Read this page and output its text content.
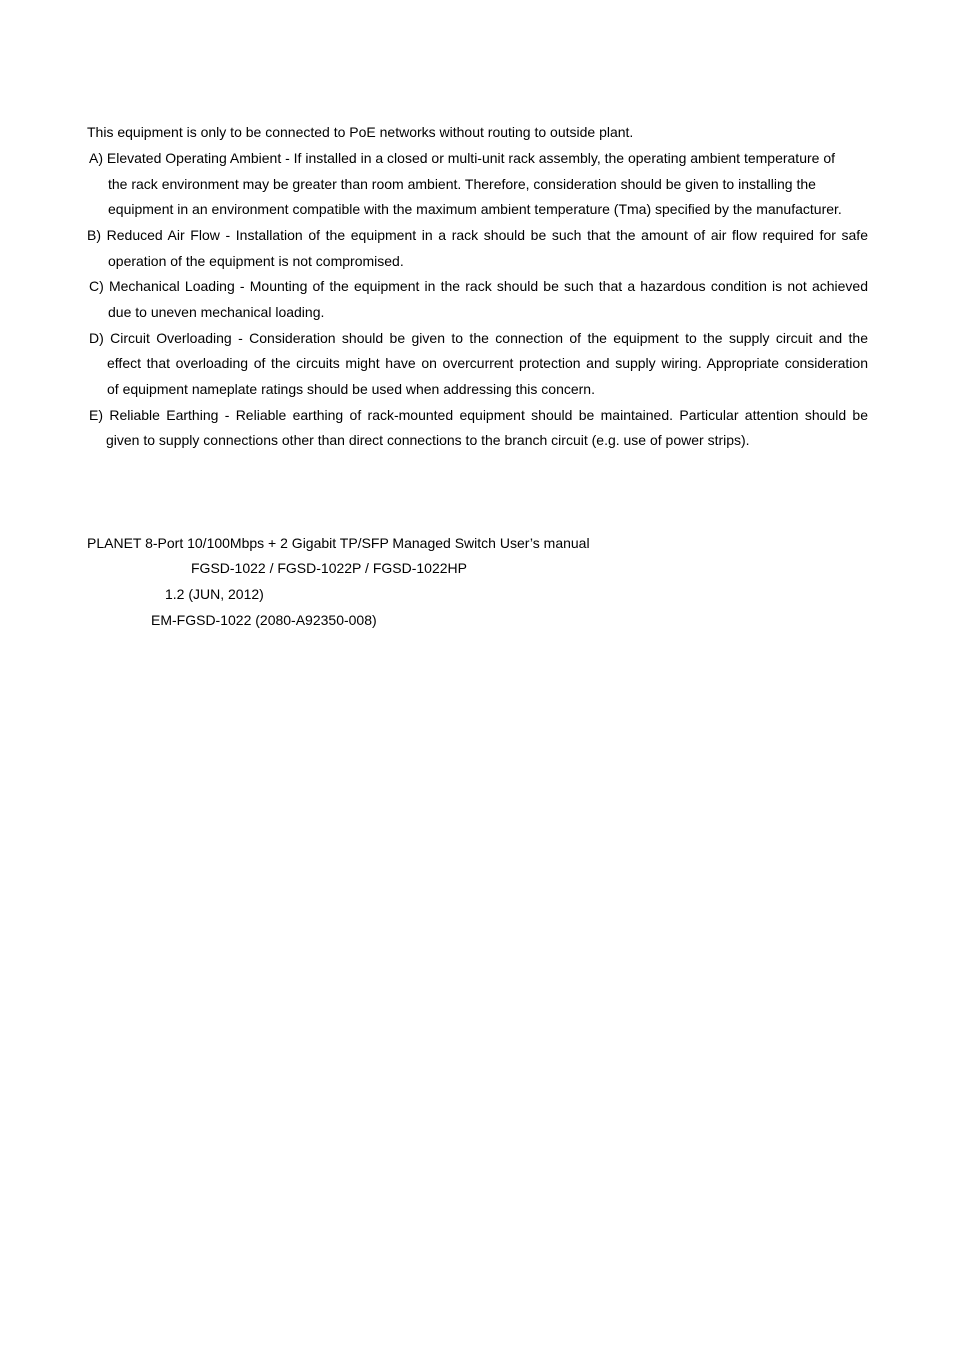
This equipment is only to be connected to PoE networks without routing to outside plant.
A) Elevated Operating Ambient - If installed in a closed or multi-unit rack assembly, the operating ambient temperature of
the rack environment may be greater than room ambient. Therefore, consideration should be given to installing the
equipment in an environment compatible with the maximum ambient temperature (Tma) specified by the manufacturer.
B) Reduced Air Flow - Installation of the equipment in a rack should be such that the amount of air flow required for safe
operation of the equipment is not compromised.
C) Mechanical Loading - Mounting of the equipment in the rack should be such that a hazardous condition is not achieved
due to uneven mechanical loading.
D) Circuit Overloading - Consideration should be given to the connection of the equipment to the supply circuit and the
effect that overloading of the circuits might have on overcurrent protection and supply wiring. Appropriate consideration
of equipment nameplate ratings should be used when addressing this concern.
E) Reliable Earthing - Reliable earthing of rack-mounted equipment should be maintained. Particular attention should be
given to supply connections other than direct connections to the branch circuit (e.g. use of power strips).
PLANET 8-Port 10/100Mbps + 2 Gigabit TP/SFP Managed Switch User’s manual
FGSD-1022 / FGSD-1022P / FGSD-1022HP
1.2 (JUN, 2012)
EM-FGSD-1022 (2080-A92350-008)
